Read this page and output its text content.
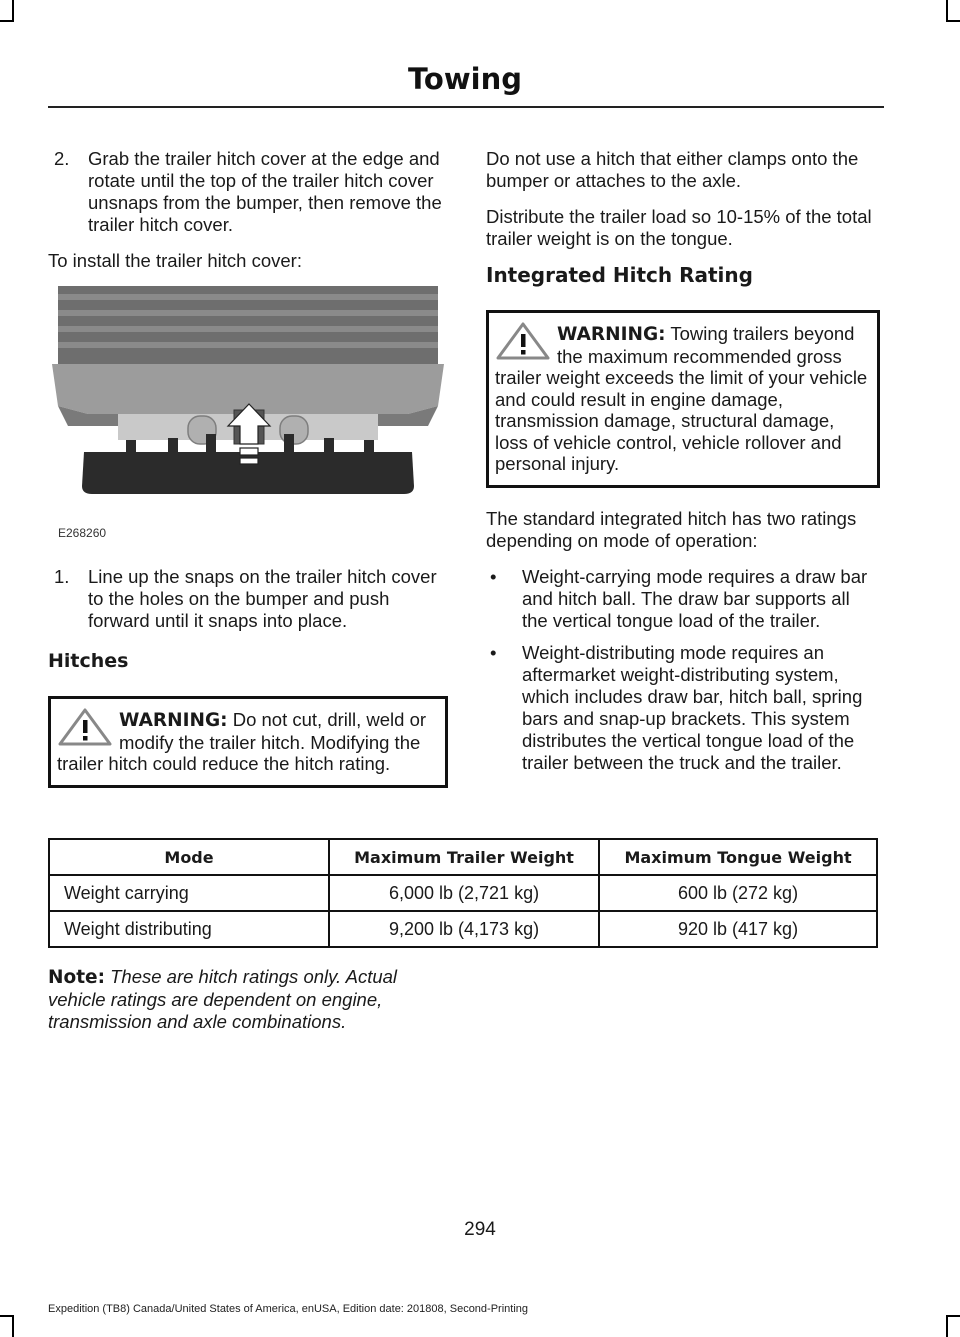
Towing
2.	Grab the trailer hitch cover at the edge and rotate until the top of the trailer hitch cover unsnaps from the bumper, then remove the trailer hitch cover.

To install the trailer hitch cover:

E268260
1.	Line up the snaps on the trailer hitch cover to the holes on the bumper and push forward until it snaps into place.
Hitches
WARNING: Do not cut, drill, weld or modify the trailer hitch. Modifying the trailer hitch could reduce the hitch rating.

Do not use a hitch that either clamps onto the bumper or attaches to the axle.

Distribute the trailer load so 10-15% of the total trailer weight is on the tongue.

Integrated Hitch Rating
WARNING: Towing trailers beyond the maximum recommended gross trailer weight exceeds the limit of your vehicle and could result in engine damage, transmission damage, structural damage, loss of vehicle control, vehicle rollover and personal injury.

The standard integrated hitch has two ratings depending on mode of operation:

•	Weight-carrying mode requires a draw bar and hitch ball. The draw bar supports all the vertical tongue load of the trailer.
•	Weight-distributing mode requires an aftermarket weight-distributing system, which includes draw bar, hitch ball, spring bars and snap-up brackets. This system distributes the vertical tongue load of the trailer between the truck and the trailer.
Mode	Maximum Trailer Weight	Maximum Tongue Weight
Weight carrying	6,000 lb (2,721 kg)	600 lb (272 kg)
Weight distributing	9,200 lb (4,173 kg)	920 lb (417 kg)
Note: These are hitch ratings only. Actual vehicle ratings are dependent on engine, transmission and axle combinations.
294
Expedition (TB8) Canada/United States of America, enUSA, Edition date: 201808, Second-Printing
